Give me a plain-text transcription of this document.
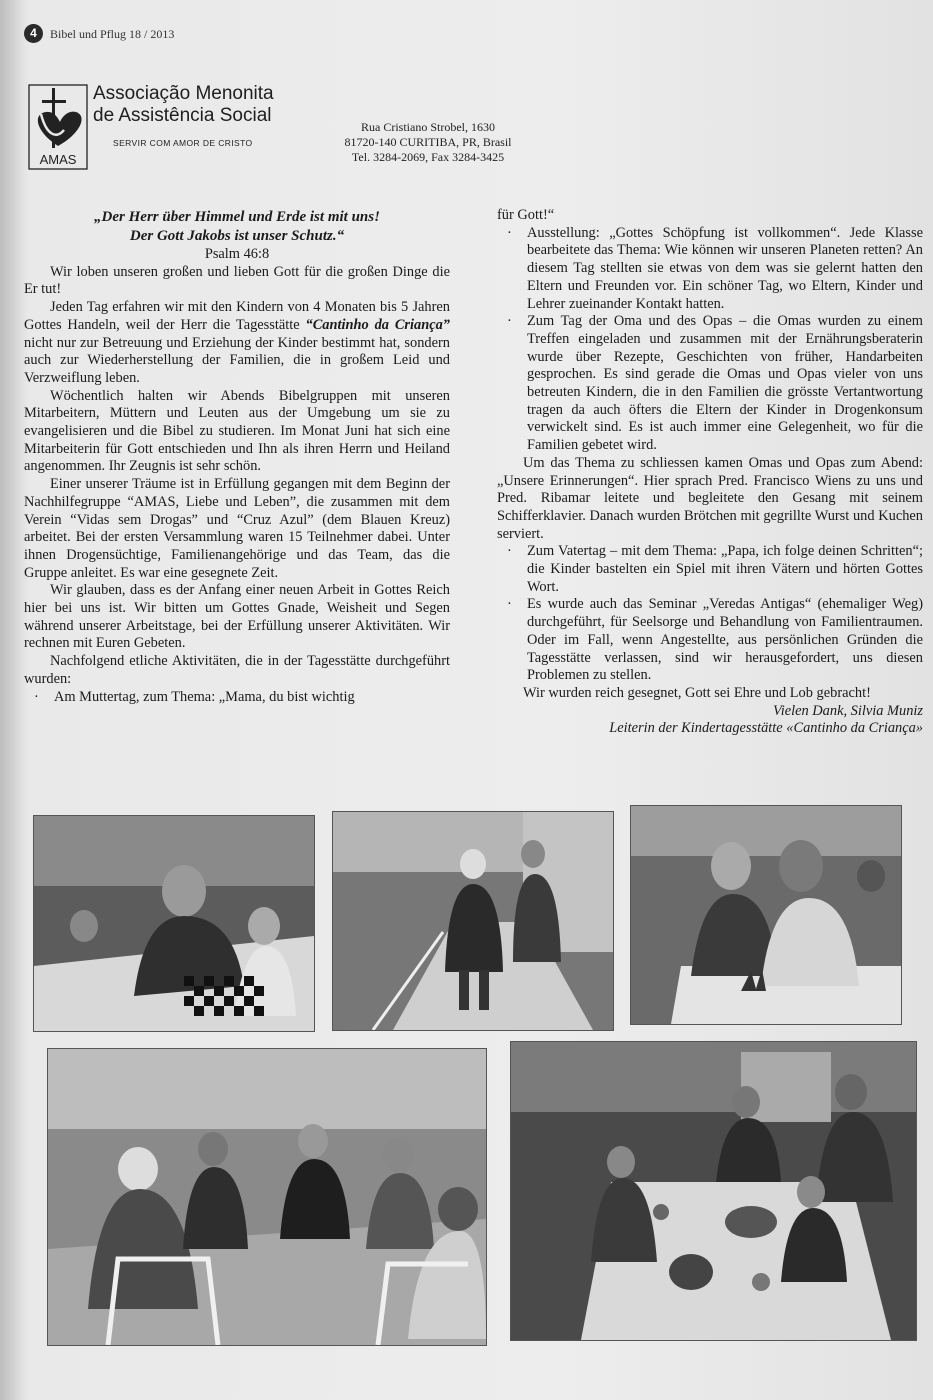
4	Bibel und Pflug 18 / 2013
AMAS
Associação Menonita
de Assistência Social
SERVIR COM AMOR DE CRISTO
Rua Cristiano Strobel, 1630
81720-140 CURITIBA, PR, Brasil
Tel. 3284-2069, Fax 3284-3425

„Der Herr über Himmel und Erde ist mit uns!

Der Gott Jakobs ist unser Schutz.“

Psalm 46:8

Wir loben unseren großen und lieben Gott für die großen Dinge die Er tut!

Jeden Tag erfahren wir mit den Kindern von 4 Monaten bis 5 Jahren Gottes Handeln, weil der Herr die Tagesstätte “Cantinho da Criança” nicht nur zur Betreuung und Erziehung der Kinder bestimmt hat, sondern auch zur Wiederherstellung der Familien, die in großem Leid und Verzweiflung leben.

Wöchentlich halten wir Abends Bibelgruppen mit unseren Mitarbeitern, Müttern und Leuten aus der Umgebung um sie zu evangelisieren und die Bibel zu studieren. Im Monat Juni hat sich eine Mitarbeiterin für Gott entschieden und Ihn als ihren Herrn und Heiland angenommen. Ihr Zeugnis ist sehr schön.

Einer unserer Träume ist in Erfüllung gegangen mit dem Beginn der Nachhilfegruppe “AMAS, Liebe und Leben”, die zusammen mit dem Verein “Vidas sem Drogas” und “Cruz Azul” (dem Blauen Kreuz) arbeitet. Bei der ersten Versammlung waren 15 Teilnehmer dabei. Unter ihnen Drogensüchtige, Familienangehörige und das Team, das die Gruppe anleitet. Es war eine gesegnete Zeit.

Wir glauben, dass es der Anfang einer neuen Arbeit in Gottes Reich hier bei uns ist. Wir bitten um Gottes Gnade, Weisheit und Segen während unserer Arbeitstage, bei der Erfüllung unserer Aktivitäten. Wir rechnen mit Euren Gebeten.

Nachfolgend etliche Aktivitäten, die in der Tagesstätte durchgeführt wurden:

· Am Muttertag, zum Thema: „Mama, du bist wichtig

für Gott!“

· Ausstellung: „Gottes Schöpfung ist vollkommen“. Jede Klasse bearbeitete das Thema: Wie können wir unseren Planeten retten? An diesem Tag stellten sie etwas von dem was sie gelernt hatten den Eltern und Freunden vor. Ein schöner Tag, wo Eltern, Kinder und Lehrer zueinander Kontakt hatten.

· Zum Tag der Oma und des Opas – die Omas wurden zu einem Treffen eingeladen und zusammen mit der Ernährungsberaterin wurde über Rezepte, Geschichten von früher, Handarbeiten gesprochen. Es sind gerade die Omas und Opas vieler von uns betreuten Kindern, die in den Familien die grösste Vertantwortung tragen da auch öfters die Eltern der Kinder in Drogenkonsum verwickelt sind. Es ist auch immer eine Gelegenheit, wo für die Familien gebetet wird.

Um das Thema zu schliessen kamen Omas und Opas zum Abend: „Unsere Erinnerungen“. Hier sprach Pred. Francisco Wiens zu uns und Pred. Ribamar leitete und begleitete den Gesang mit seinem Schifferklavier. Danach wurden Brötchen mit gegrillte Wurst und Kuchen serviert.

· Zum Vatertag – mit dem Thema: „Papa, ich folge deinen Schritten“; die Kinder bastelten ein Spiel mit ihren Vätern und hörten Gottes Wort.

· Es wurde auch das Seminar „Veredas Antigas“ (ehemaliger Weg) durchgeführt, für Seelsorge und Behandlung von Familientraumen. Oder im Fall, wenn Angestellte, aus persönlichen Gründen die Tagesstätte verlassen, sind wir herausgefordert, uns diesen Problemen zu stellen.

Wir wurden reich gesegnet, Gott sei Ehre und Lob gebracht!

Vielen Dank, Silvia Muniz

Leiterin der Kindertagesstätte «Cantinho da Criança»
